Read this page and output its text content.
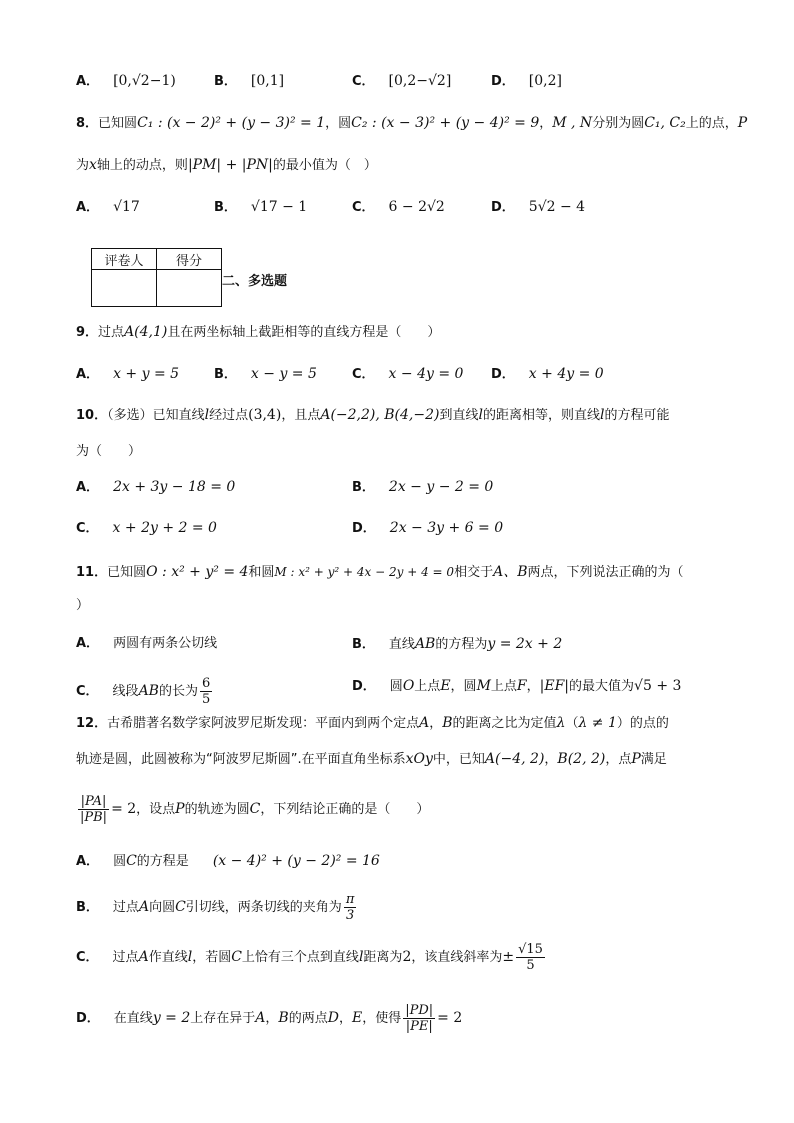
A． [0,√2−1)	B． [0,1]	C． [0,2−√2]	D． [0,2]
8．已知圆C₁ : (x − 2)² + (y − 3)² = 1，圆C₂ : (x − 3)² + (y − 4)² = 9，M , N分别为圆C₁, C₂上的点，P
为x轴上的动点，则|PM| + |PN|的最小值为（　）
A． √17	B． √17 − 1	C． 6 − 2√2	D． 5√2 − 4
评卷人	得分

二、多选题
9．过点A(4,1)且在两坐标轴上截距相等的直线方程是（　　）
A． x + y = 5	B． x − y = 5	C． x − 4y = 0 D． x + 4y = 0
10．（多选）已知直线l经过点(3,4)，且点A(−2,2), B(4,−2)到直线l的距离相等，则直线l的方程可能
为（　　）
A． 2x + 3y − 18 = 0	B． 2x − y − 2 = 0
C． x + 2y + 2 = 0	D． 2x − 3y + 6 = 0
11．已知圆O : x² + y² = 4和圆M : x² + y² + 4x − 2y + 4 = 0相交于A、B两点，下列说法正确的为（
）
A． 两圆有两条公切线	B． 直线AB的方程为y = 2x + 2
C． 线段AB的长为 $\frac{6}{5}$	D． 圆O上点E，圆M上点F，|EF|的最大值为√5 + 3
12．古希腊著名数学家阿波罗尼斯发现：平面内到两个定点A，B的距离之比为定值λ（λ ≠ 1）的点的
轨迹是圆，此圆被称为“阿波罗尼斯圆”.在平面直角坐标系xOy中，已知A(−4, 2)，B(2, 2)，点P满足
$\frac{|PA|}{|PB|} = 2$，设点P的轨迹为圆C，下列结论正确的是（　　）
A． 圆C的方程是 (x − 4)² + (y − 2)² = 16
B． 过点A向圆C引切线，两条切线的夹角为 $\frac{\pi}{3}$
C． 过点A作直线l，若圆C上恰有三个点到直线l距离为2，该直线斜率为± $\frac{√15}{5}$
D． 在直线y = 2上存在异于A，B的两点D，E，使得 $\frac{|PD|}{|PE|} = 2$
